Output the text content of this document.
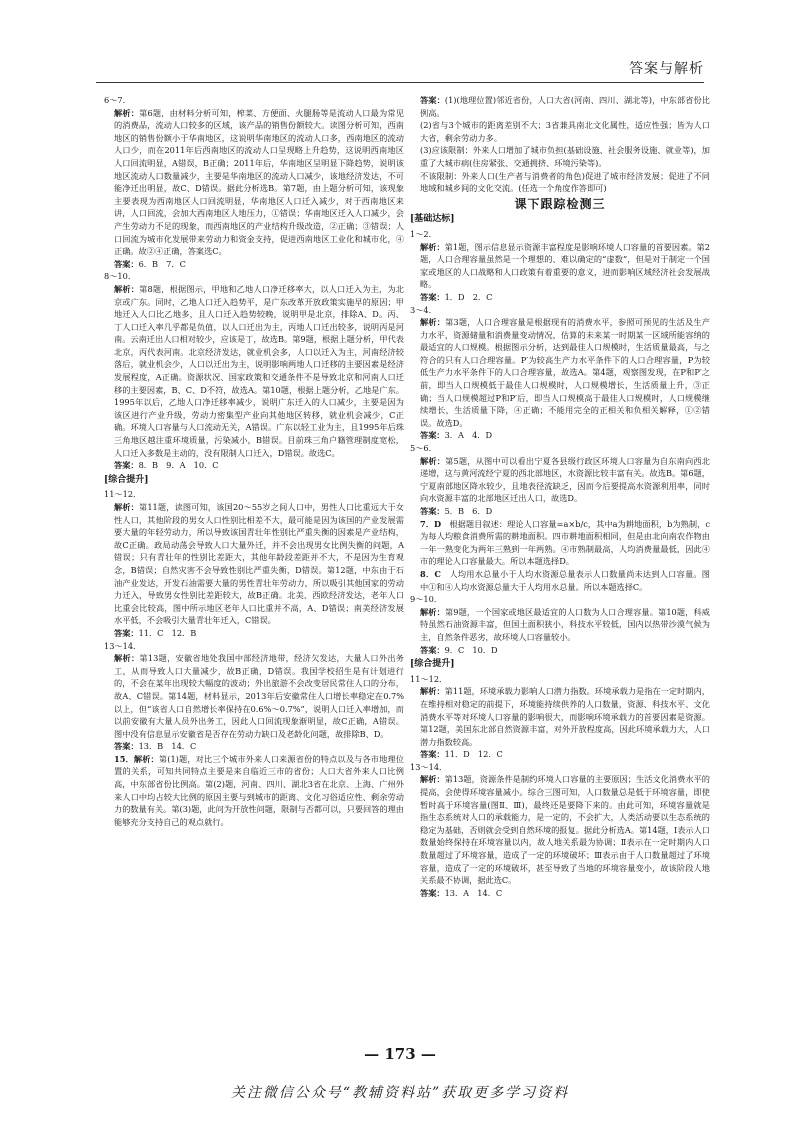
答案与解析

6～7．

解析：第6题，由材料分析可知，榨菜、方便面、火腿肠等是流动人口最为常见的消费品，流动人口较多的区域，该产品的销售份额较大。读图分析可知，西南地区的销售份额小于华南地区，这说明华南地区的流动人口多，西南地区的流动人口少，而在2011年后西南地区的流动人口呈现略上升趋势，这说明西南地区人口回流明显，A错误，B正确；2011年后，华南地区呈明显下降趋势，说明该地区流动人口数量减少，主要是华南地区的流动人口减少，该地经济发达，不可能净迁出明显，故C、D错误。据此分析选B。第7题，由上题分析可知，该现象主要表现为西南地区人口回流明显，华南地区人口迁入减少，对于西南地区来讲，人口回流，会加大西南地区人地压力，①错误；华南地区迁入人口减少，会产生劳动力不足的现象，而西南地区的产业结构升级改造，②正确；③错误；人口回流为城市化发展带来劳动力和资金支持，促进西南地区工业化和城市化，④正确。故②④正确，答案选C。

答案：6．B　7．C

8～10．

解析：第8题，根据图示，甲地和乙地人口净迁移率大，以人口迁入为主，为北京或广东。同时，乙地人口迁入趋势平，是广东改革开放政策实施早的原因；甲地迁入人口比乙地多，且人口迁入趋势较晚，说明甲是北京，排除A、D。丙、丁人口迁入率几乎都是负值，以人口迁出为主，丙地人口迁出较多，说明丙是河南。云南迁出人口相对较少，应该是丁，故选B。第9题，根据上题分析，甲代表北京，丙代表河南。北京经济发达，就业机会多，人口以迁入为主，河南经济较落后，就业机会少，人口以迁出为主，说明影响两地人口迁移的主要因素是经济发展程度，A正确。资源状况、国家政策和交通条件不是导致北京和河南人口迁移的主要因素，B、C、D不符，故选A。第10题，根据上题分析，乙地是广东。1995年以后，乙地人口净迁移率减少，说明广东迁入的人口减少，主要是因为该区进行产业升级，劳动力密集型产业向其他地区转移，就业机会减少，C正确。环境人口容量与人口流动无关，A错误。广东以轻工业为主，且1995年后珠三角地区越注重环境质量，污染减小，B错误。目前珠三角户籍管理制度宽松，人口迁入多数是主动的，没有限制人口迁入，D错误。故选C。

答案：8．B　9．A　10．C

[综合提升]

11～12．

解析：第11题，读图可知，该国20～55岁之间人口中，男性人口比重远大于女性人口，其他阶段的男女人口性别比相差不大，最可能是因为该国的产业发展需要大量的年轻劳动力，所以导致该国青壮年性别比严重失衡的因素是产业结构，故C正确。政局动荡会导致人口大量外迁，并不会出现男女比例失衡的问题，A错误；只有青壮年的性别比差距大，其他年龄段差距并不大，不是因为生育观念，B错误；自然灾害不会导致性别比严重失衡，D错误。第12题，中东由于石油产业发达，开发石油需要大量的男性青壮年劳动力，所以吸引其他国家的劳动力迁入，导致男女性别比差距较大，故B正确。北美、西欧经济发达，老年人口比重会比较高，图中所示地区老年人口比重并不高，A、D错误；南美经济发展水平低，不会吸引大量青壮年迁入，C错误。

答案：11．C　12．B

13～14．

解析：第13题，安徽省地处我国中部经济地带，经济欠发达，大量人口外出务工，从而导致人口大量减少，故B正确，D错误。我国学校招生是有计划进行的，不会在某年出现较大幅度的波动；外出旅游不会改变居民常住人口的分布，故A、C错误。第14题，材料显示，2013年后安徽常住人口增长率稳定在0.7%以上，但“该省人口自然增长率保持在0.6%～0.7%”，说明人口迁入率增加，而以前安徽有大量人员外出务工，因此人口回流现象渐明显，故C正确，A错误。图中没有信息显示安徽省是否存在劳动力缺口及老龄化问题，故排除B、D。

答案：13．B　14．C

15．解析：第(1)题，对比三个城市外来人口来源省份的特点以及与各市地理位置的关系，可知共同特点主要是来自临近三市的省份；人口大省外来人口比例高，中东部省份比例高。第(2)题，河南、四川、湖北3省在北京、上海、广州外来人口中均占较大比例的原因主要与到城市的距离、文化习俗适应性、剩余劳动力的数量有关。第(3)题，此问为开放性问题，限制与否都可以，只要回答的理由能够充分支持自己的观点就行。

答案：(1)(地理位置)邻近省份，人口大省(河南、四川、湖北等)，中东部省份比例高。

(2)省与3个城市的距离差别不大；3省兼具南北文化属性，适应性强；皆为人口大省，剩余劳动力多。

(3)应该限制：外来人口增加了城市负担(基础设施、社会服务设施、就业等)，加重了大城市病(住房紧张、交通拥挤、环境污染等)。

不该限制：外来人口(生产者与消费者的角色)促进了城市经济发展；促进了不同地域和城乡间的文化交流。(任选一个角度作答即可)

课下跟踪检测三
[基础达标]

1～2．

解析：第1题，图示信息显示资源丰富程度是影响环境人口容量的首要因素。第2题，人口合理容量虽然是一个理想的、难以确定的“虚数”，但是对于制定一个国家或地区的人口战略和人口政策有着重要的意义，进而影响区域经济社会发展战略。

答案：1．D　2．C

3～4．

解析：第3题，人口合理容量是根据现有的消费水平，参照可预见的生活及生产力水平，资源储量和消费量变动情况，估算的未来某一时期某一区域所能容纳的最适宜的人口规模。根据图示分析，达到最佳人口规模时，生活质量最高，与之符合的只有人口合理容量。P′为较高生产力水平条件下的人口合理容量，P为较低生产力水平条件下的人口合理容量，故选A。第4题，观察图发现，在P和P′之前，即当人口规模低于最佳人口规模时，人口规模增长，生活质量上升，③正确；当人口规模超过P和P′后，即当人口规模高于最佳人口规模时，人口规模继续增长，生活质量下降，④正确；不能用完全的正相关和负相关解释，①②错误。故选D。

答案：3．A　4．D

5～6．

解析：第5题，从图中可以看出宁夏各县级行政区环境人口容量为自东南向西北递增，这与黄河流经宁夏的西北部地区，水资源比较丰富有关。故选B。第6题，宁夏南部地区降水较少，且地表径流缺乏，因而今后要提高水资源利用率，同时向水资源丰富的北部地区迁出人口，故选D。

答案：5．B　6．D

7．D　根据题目叙述：理论人口容量=a×b/c，其中a为耕地面积，b为熟制，c为每人均粮食消费所需的耕地面积。四市耕地面积相同，但是由北向南农作物由一年一熟变化为两年三熟到一年两熟。④市熟制最高，人均消费量最低，因此④市的理论人口容量最大。所以本题选择D。

8．C　人均用水总量小于人均水资源总量表示人口数量尚未达到人口容量。图中①和④人均水资源总量大于人均用水总量。所以本题选择C。

9～10．

解析：第9题，一个国家或地区最适宜的人口数为人口合理容量。第10题，科威特虽然石油资源丰富，但国土面积狭小，科技水平较低，国内以热带沙漠气候为主，自然条件恶劣，故环境人口容量较小。

答案：9．C　10．D

[综合提升]

11～12．

解析：第11题，环境承载力影响人口潜力指数。环境承载力是指在一定时期内，在维持相对稳定的前提下，环境能持续供养的人口数量，资源、科技水平、文化消费水平等对环境人口容量的影响很大，而影响环境承载力的首要因素是资源。第12题，美国东北部自然资源丰富，对外开放程度高，因此环境承载力大，人口潜力指数较高。

答案：11．D　12．C

13～14．

解析：第13题，资源条件是制约环境人口容量的主要原因；生活文化消费水平的提高，会使得环境容量减小。综合三图可知，人口数量总是低于环境容量，即使暂时高于环境容量(图Ⅱ、Ⅲ)，最终还是要降下来的。由此可知，环境容量就是指生态系统对人口的承载能力，是一定的，不会扩大，人类活动要以生态系统的稳定为基础，否则就会受到自然环境的报复。据此分析选A。第14题，Ⅰ表示人口数量始终保持在环境容量以内，故人地关系最为协调；Ⅱ表示在一定时期内人口数量超过了环境容量，造成了一定的环境破坏；Ⅲ表示由于人口数量超过了环境容量，造成了一定的环境破坏，甚至导致了当地的环境容量变小，故该阶段人地关系最不协调，据此选C。

答案：13．A　14．C

— 173 —
关注微信公众号“教辅资料站”获取更多学习资料
